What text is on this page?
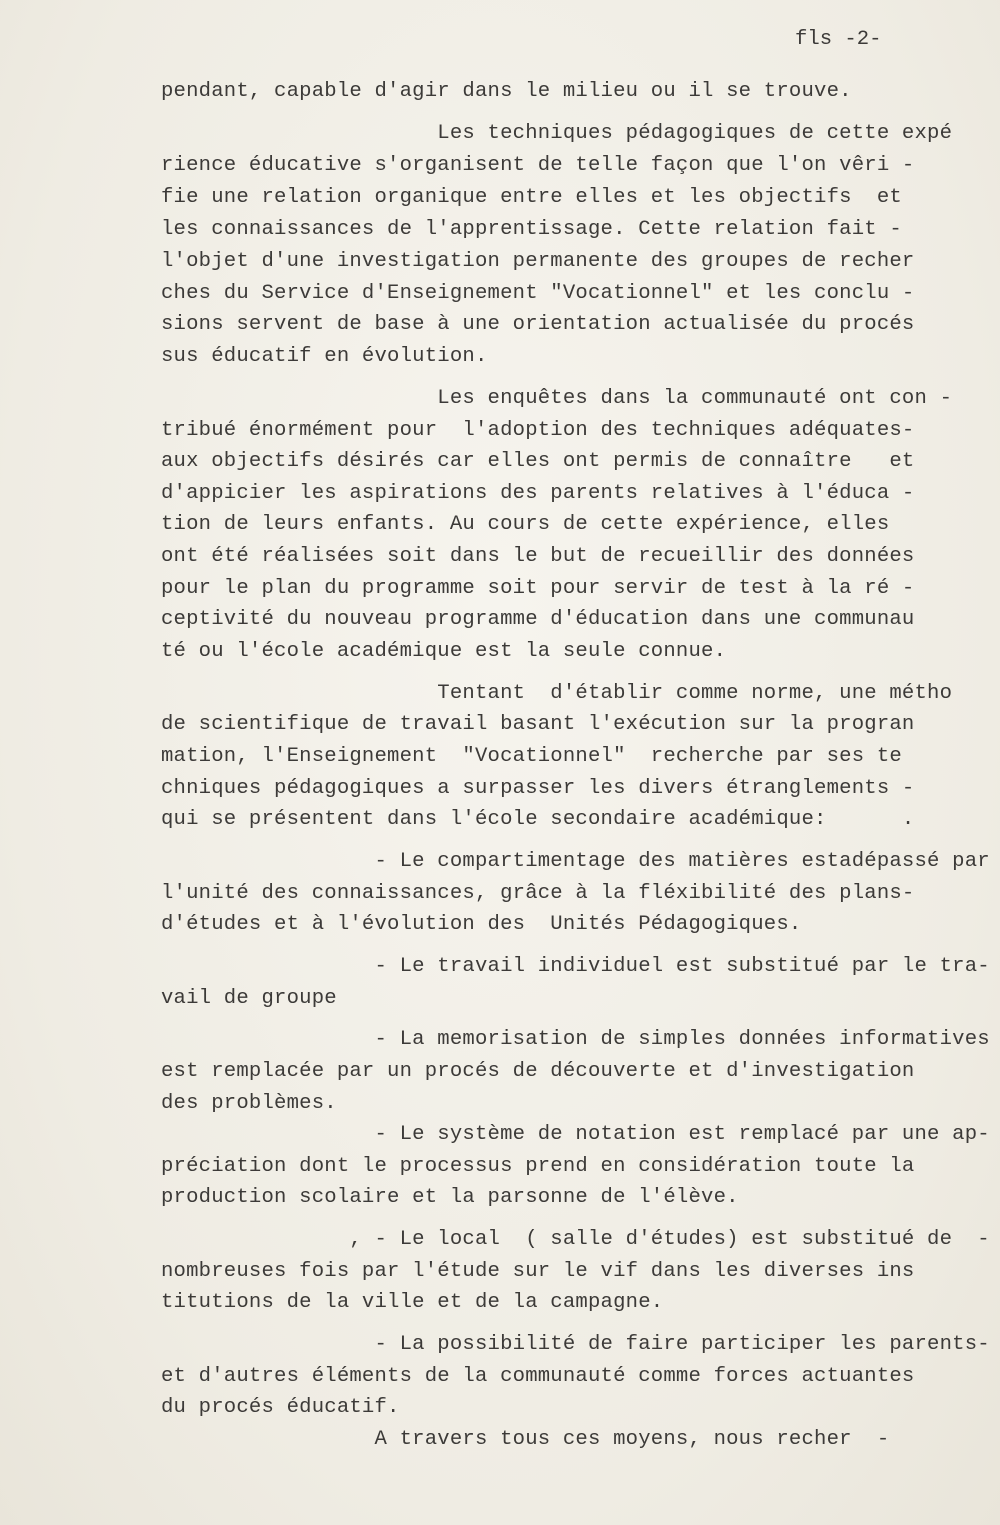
fls -2-

pendant, capable d'agir dans le milieu ou il se trouve.

Les techniques pédagogiques de cette expé

rience éducative s'organisent de telle façon que l'on vêri -

fie une relation organique entre elles et les objectifs  et

les connaissances de l'apprentissage. Cette relation fait -

l'objet d'une investigation permanente des groupes de recher

ches du Service d'Enseignement "Vocationnel" et les conclu -

sions servent de base à une orientation actualisée du procés

sus éducatif en évolution.

Les enquêtes dans la communauté ont con -

tribué énormément pour  l'adoption des techniques adéquates-

aux objectifs désirés car elles ont permis de connaître   et

d'appicier les aspirations des parents relatives à l'éduca -

tion de leurs enfants. Au cours de cette expérience, elles

ont été réalisées soit dans le but de recueillir des données

pour le plan du programme soit pour servir de test à la ré -

ceptivité du nouveau programme d'éducation dans une communau

té ou l'école académique est la seule connue.

Tentant  d'établir comme norme, une métho

de scientifique de travail basant l'exécution sur la progran

mation, l'Enseignement  "Vocationnel"  recherche par ses te

chniques pédagogiques a surpasser les divers étranglements -

qui se présentent dans l'école secondaire académique:      .

- Le compartimentage des matières estadépassé par

l'unité des connaissances, grâce à la fléxibilité des plans-

d'études et à l'évolution des  Unités Pédagogiques.

- Le travail individuel est substitué par le tra-

vail de groupe

- La memorisation de simples données informatives

est remplacée par un procés de découverte et d'investigation

des problèmes.

- Le système de notation est remplacé par une ap-

préciation dont le processus prend en considération toute la

production scolaire et la parsonne de l'élève.

, - Le local  ( salle d'études) est substitué de  -

nombreuses fois par l'étude sur le vif dans les diverses ins

titutions de la ville et de la campagne.

- La possibilité de faire participer les parents-

et d'autres éléments de la communauté comme forces actuantes

du procés éducatif.

A travers tous ces moyens, nous recher  -
